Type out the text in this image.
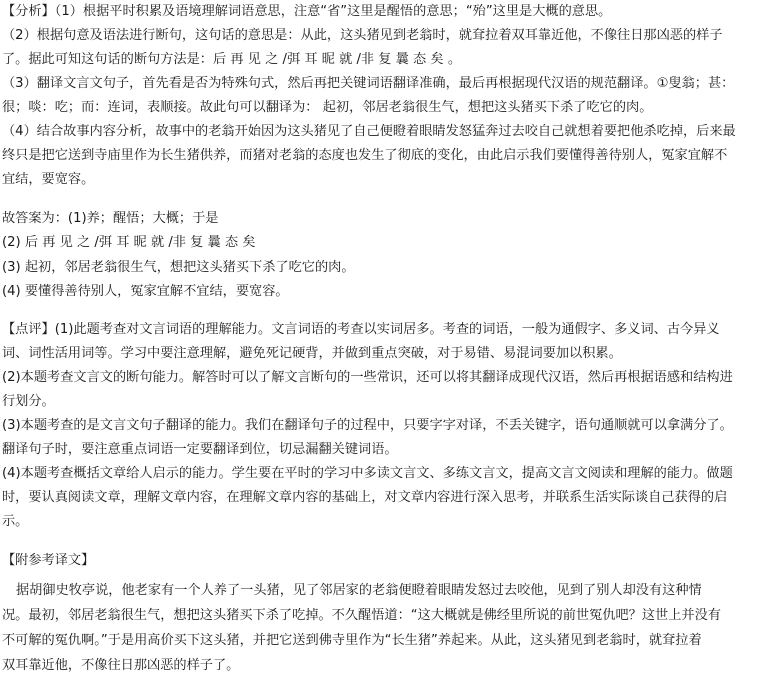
【分析】（1）根据平时积累及语境理解词语意思，注意“省”这里是醒悟的意思；“殆”这里是大概的意思。
（2）根据句意及语法进行断句，这句话的意思是：从此，这头猪见到老翁时，就耷拉着双耳靠近他，不像往日那凶恶的样子
了。据此可知这句话的断句方法是：后 再 见 之 /弭 耳 昵 就 /非 复 曩 态 矣 。
（3）翻译文言文句子，首先看是否为特殊句式，然后再把关键词语翻译准确，最后再根据现代汉语的规范翻译。①叟翁；甚：
很；啖：吃；而：连词，表顺接。故此句可以翻译为： 起初，邻居老翁很生气，想把这头猪买下杀了吃它的肉。
（4）结合故事内容分析，故事中的老翁开始因为这头猪见了自己便瞪着眼睛发怒猛奔过去咬自己就想着要把他杀吃掉，后来最
终只是把它送到寺庙里作为长生猪供养，而猪对老翁的态度也发生了彻底的变化，由此启示我们要懂得善待别人，冤家宜解不
宜结，要宽容。
故答案为：(1)养；醒悟；大概；于是
(2) 后 再 见 之 /弭 耳 昵 就 /非 复 曩 态 矣
(3) 起初，邻居老翁很生气，想把这头猪买下杀了吃它的肉。
(4) 要懂得善待别人，冤家宜解不宜结，要宽容。
【点评】(1)此题考查对文言词语的理解能力。文言词语的考查以实词居多。考查的词语，一般为通假字、多义词、古今异义
词、词性活用词等。学习中要注意理解，避免死记硬背，并做到重点突破，对于易错、易混词要加以积累。
(2)本题考查文言文的断句能力。解答时可以了解文言断句的一些常识，还可以将其翻译成现代汉语，然后再根据语感和结构进
行划分。
(3)本题考查的是文言文句子翻译的能力。我们在翻译句子的过程中，只要字字对译，不丢关键字，语句通顺就可以拿满分了。
翻译句子时，要注意重点词语一定要翻译到位，切忌漏翻关键词语。
(4)本题考查概括文章给人启示的能力。学生要在平时的学习中多读文言文、多练文言文，提高文言文阅读和理解的能力。做题
时，要认真阅读文章，理解文章内容，在理解文章内容的基础上，对文章内容进行深入思考，并联系生活实际谈自己获得的启
示。
【附参考译文】
据胡御史牧亭说，他老家有一个人养了一头猪，见了邻居家的老翁便瞪着眼睛发怒过去咬他，见到了别人却没有这种情
况。最初，邻居老翁很生气，想把这头猪买下杀了吃掉。不久醒悟道：“这大概就是佛经里所说的前世冤仇吧？这世上并没有
不可解的冤仇啊。”于是用高价买下这头猪，并把它送到佛寺里作为“长生猪”养起来。从此，这头猪见到老翁时，就耷拉着
双耳靠近他，不像往日那凶恶的样子了。
